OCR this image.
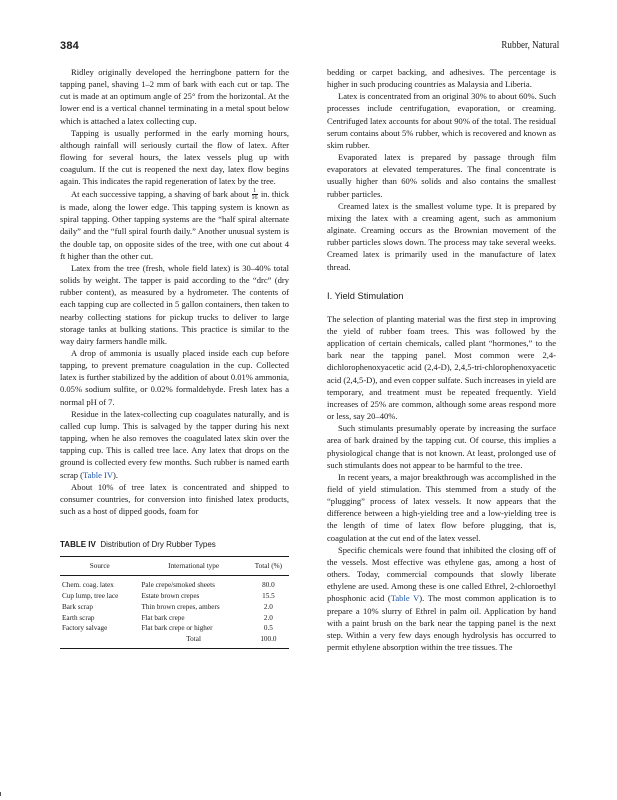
384	Rubber, Natural

Ridley originally developed the herringbone pattern for the tapping panel, shaving 1–2 mm of bark with each cut or tap. The cut is made at an optimum angle of 25° from the horizontal. At the lower end is a vertical channel terminating in a metal spout below which is attached a latex collecting cup.

Tapping is usually performed in the early morning hours, although rainfall will seriously curtail the flow of latex. After flowing for several hours, the latex vessels plug up with coagulum. If the cut is reopened the next day, latex flow begins again. This indicates the rapid regeneration of latex by the tree.

At each successive tapping, a shaving of bark about $\frac{1}{16}$ in. thick is made, along the lower edge. This tapping system is known as spiral tapping. Other tapping systems are the “half spiral alternate daily” and the “full spiral fourth daily.” Another unusual system is the double tap, on opposite sides of the tree, with one cut about 4 ft higher than the other cut.

Latex from the tree (fresh, whole field latex) is 30–40% total solids by weight. The tapper is paid according to the “drc” (dry rubber content), as measured by a hydrometer. The contents of each tapping cup are collected in 5 gallon containers, then taken to nearby collecting stations for pickup trucks to deliver to large storage tanks at bulking stations. This practice is similar to the way dairy farmers handle milk.

A drop of ammonia is usually placed inside each cup before tapping, to prevent premature coagulation in the cup. Collected latex is further stabilized by the addition of about 0.01% ammonia, 0.05% sodium sulfite, or 0.02% formaldehyde. Fresh latex has a normal pH of 7.

Residue in the latex-collecting cup coagulates naturally, and is called cup lump. This is salvaged by the tapper during his next tapping, when he also removes the coagulated latex skin over the tapping cup. This is called tree lace. Any latex that drops on the ground is collected every few months. Such rubber is named earth scrap (Table IV).

About 10% of tree latex is concentrated and shipped to consumer countries, for conversion into finished latex products, such as a host of dipped goods, foam for

TABLE IV Distribution of Dry Rubber Types
Source	International type	Total (%)
Chem. coag. latex	Pale crepe/smoked sheets	80.0
Cup lump, tree lace	Estate brown crepes	15.5
Bark scrap	Thin brown crepes, ambers	2.0
Earth scrap	Flat bark crepe	2.0
Factory salvage	Flat bark crepe or higher	0.5
	Total	100.0

bedding or carpet backing, and adhesives. The percentage is higher in such producing countries as Malaysia and Liberia.

Latex is concentrated from an original 30% to about 60%. Such processes include centrifugation, evaporation, or creaming. Centrifuged latex accounts for about 90% of the total. The residual serum contains about 5% rubber, which is recovered and known as skim rubber.

Evaporated latex is prepared by passage through film evaporators at elevated temperatures. The final concentrate is usually higher than 60% solids and also contains the smallest rubber particles.

Creamed latex is the smallest volume type. It is prepared by mixing the latex with a creaming agent, such as ammonium alginate. Creaming occurs as the Brownian movement of the rubber particles slows down. The process may take several weeks. Creamed latex is primarily used in the manufacture of latex thread.

I. Yield Stimulation

The selection of planting material was the first step in improving the yield of rubber foam trees. This was followed by the application of certain chemicals, called plant “hormones,” to the bark near the tapping panel. Most common were 2,4-dichlorophenoxyacetic acid (2,4-D), 2,4,5-tri-chlorophenoxyacetic acid (2,4,5-D), and even copper sulfate. Such increases in yield are temporary, and treatment must be repeated frequently. Yield increases of 25% are common, although some areas respond more or less, say 20–40%.

Such stimulants presumably operate by increasing the surface area of bark drained by the tapping cut. Of course, this implies a physiological change that is not known. At least, prolonged use of such stimulants does not appear to be harmful to the tree.

In recent years, a major breakthrough was accomplished in the field of yield stimulation. This stemmed from a study of the “plugging” process of latex vessels. It now appears that the difference between a high-yielding tree and a low-yielding tree is the length of time of latex flow before plugging, that is, coagulation at the cut end of the latex vessel.

Specific chemicals were found that inhibited the closing off of the vessels. Most effective was ethylene gas, among a host of others. Today, commercial compounds that slowly liberate ethylene are used. Among these is one called Ethrel, 2-chloroethyl phosphonic acid (Table V). The most common application is to prepare a 10% slurry of Ethrel in palm oil. Application by hand with a paint brush on the bark near the tapping panel is the next step. Within a very few days enough hydrolysis has occurred to permit ethylene absorption within the tree tissues. The
